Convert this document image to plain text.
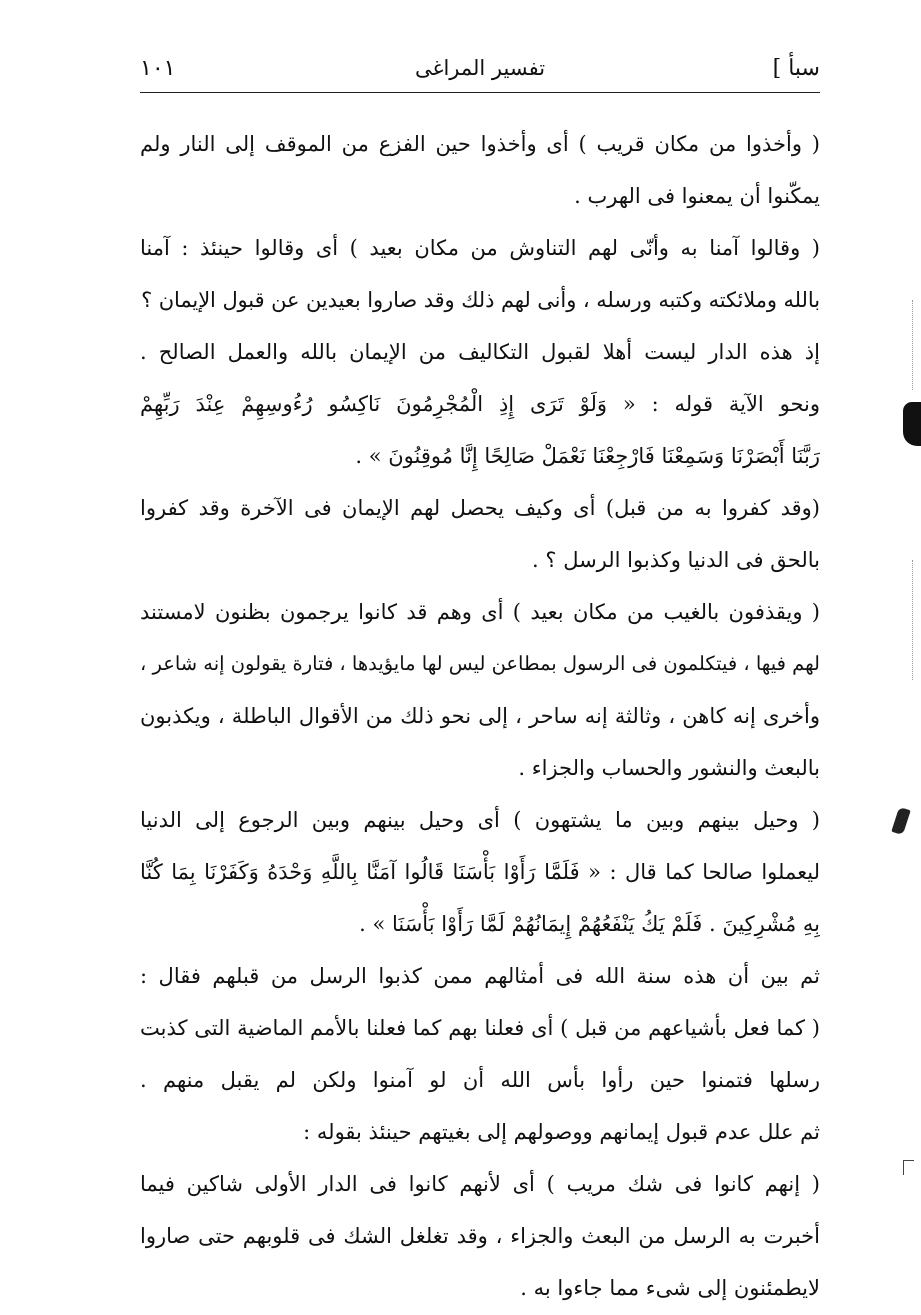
سبأ ]
تفسير المراغى
١٠١
( وأخذوا من مكان قريب ) أى وأخذوا حين الفزع من الموقف إلى النار ولم
يمكّنوا أن يمعنوا فى الهرب .
( وقالوا آمنا به وأنّى لهم التناوش من مكان بعيد ) أى وقالوا حينئذ : آمنا
بالله وملائكته وكتبه ورسله ، وأنى لهم ذلك وقد صاروا بعيدين عن قبول الإيمان ؟
إذ هذه الدار ليست أهلا لقبول التكاليف من الإيمان بالله والعمل الصالح .
ونحو الآية قوله : « وَلَوْ تَرَى إِذِ الْمُجْرِمُونَ نَاكِسُو رُءُوسِهِمْ عِنْدَ رَبِّهِمْ
رَبَّنَا أَبْصَرْنَا وَسَمِعْنَا فَارْجِعْنَا نَعْمَلْ صَالِحًا إِنَّا مُوقِنُونَ » .
(وقد كفروا به من قبل) أى وكيف يحصل لهم الإيمان فى الآخرة وقد كفروا
بالحق فى الدنيا وكذبوا الرسل ؟ .
( ويقذفون بالغيب من مكان بعيد ) أى وهم قد كانوا يرجمون بظنون لامستند
لهم فيها ، فيتكلمون فى الرسول بمطاعن ليس لها مايؤيدها ، فتارة يقولون إنه شاعر ،
وأخرى إنه كاهن ، وثالثة إنه ساحر ، إلى نحو ذلك من الأقوال الباطلة ، ويكذبون
بالبعث والنشور والحساب والجزاء .
( وحيل بينهم وبين ما يشتهون ) أى وحيل بينهم وبين الرجوع إلى الدنيا
ليعملوا صالحا كما قال : « فَلَمَّا رَأَوْا بَأْسَنَا قَالُوا آمَنَّا بِاللَّهِ وَحْدَهُ وَكَفَرْنَا بِمَا كُنَّا
بِهِ مُشْرِكِينَ . فَلَمْ يَكُ يَنْفَعُهُمْ إِيمَانُهُمْ لَمَّا رَأَوْا بَأْسَنَا » .
ثم بين أن هذه سنة الله فى أمثالهم ممن كذبوا الرسل من قبلهم فقال :
( كما فعل بأشياعهم من قبل ) أى فعلنا بهم كما فعلنا بالأمم الماضية التى كذبت
رسلها فتمنوا حين رأوا بأس الله أن لو آمنوا ولكن لم يقبل منهم .
ثم علل عدم قبول إيمانهم ووصولهم إلى بغيتهم حينئذ بقوله :
( إنهم كانوا فى شك مريب ) أى لأنهم كانوا فى الدار الأولى شاكين فيما
أخبرت به الرسل من البعث والجزاء ، وقد تغلغل الشك فى قلوبهم حتى صاروا
لايطمئنون إلى شىء مما جاءوا به .
